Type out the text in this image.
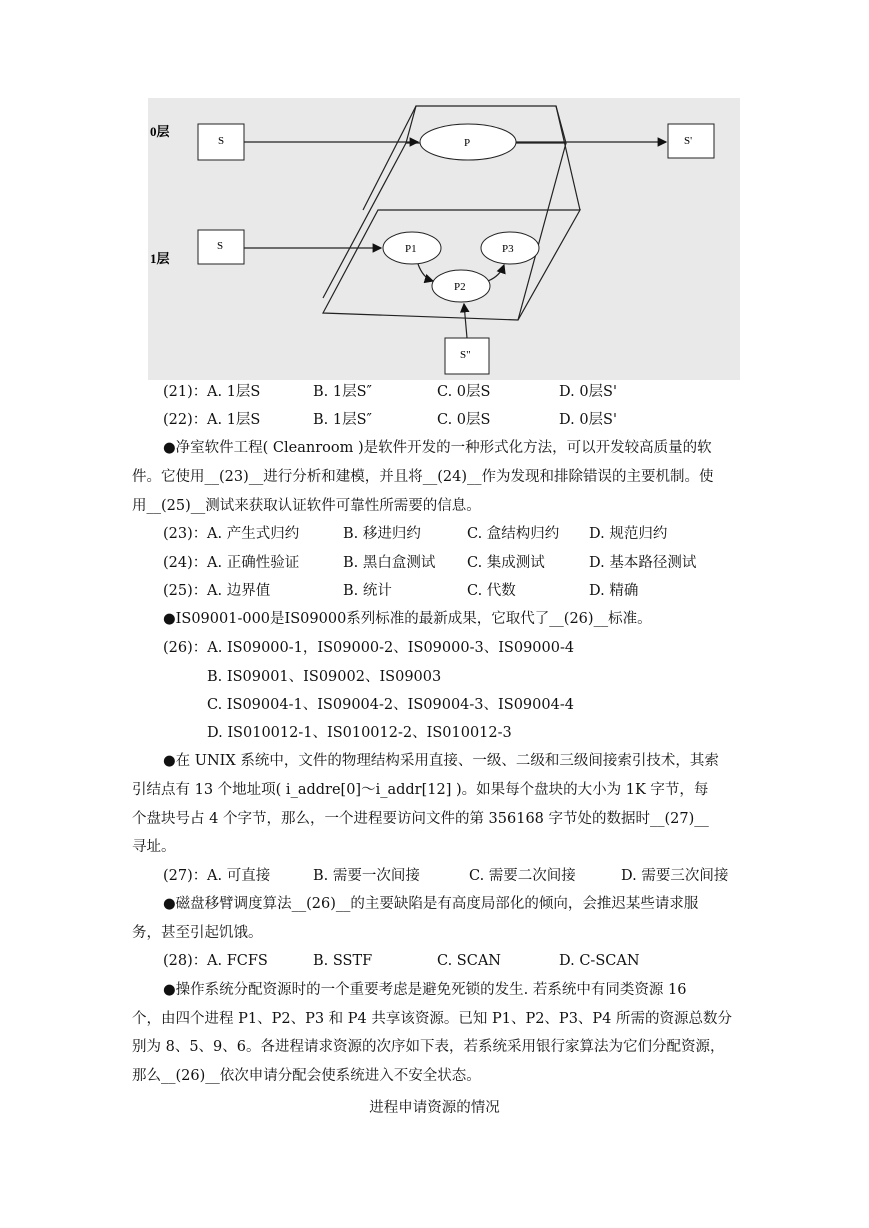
0层
1层
S	P	S'
S	P1	P3
P2
S"
(21)： A. 1层S	B. 1层S″	C. 0层S	D. 0层S'
(22)： A. 1层S	B. 1层S″	C. 0层S	D. 0层S'
●净室软件工程( Cleanroom )是软件开发的一种形式化方法，可以开发较高质量的软
件。它使用__(23)__进行分析和建模，并且将__(24)__作为发现和排除错误的主要机制。使
用__(25)__测试来获取认证软件可靠性所需要的信息。
(23)： A. 产生式归约	B. 移进归约	C. 盒结构归约 D. 规范归约
(24)： A. 正确性验证	B. 黑白盒测试 C. 集成测试	D. 基本路径测试
(25)： A. 边界值	B. 统计	C. 代数	D. 精确
●IS09001-000是IS09000系列标准的最新成果，它取代了__(26)__标准。
(26)：A. IS09000-1，IS09000-2、IS09000-3、IS09000-4
B. IS09001、IS09002、IS09003
C. IS09004-1、IS09004-2、IS09004-3、IS09004-4
D. IS010012-1、IS010012-2、IS010012-3
●在 UNIX 系统中，文件的物理结构采用直接、一级、二级和三级间接索引技术，其索
引结点有 13 个地址项( i_addre[0]～i_addr[12] )。如果每个盘块的大小为 1K 字节，每
个盘块号占 4 个字节，那么，一个进程要访问文件的第 356168 字节处的数据时__(27)__
寻址。
(27)： A. 可直接	B. 需要一次间接	C. 需要二次间接	D. 需要三次间接
●磁盘移臂调度算法__(26)__的主要缺陷是有高度局部化的倾向，会推迟某些请求服
务，甚至引起饥饿。
(28)： A. FCFS	B. SSTF	C. SCAN	D. C-SCAN
●操作系统分配资源时的一个重要考虑是避免死锁的发生. 若系统中有同类资源 16
个，由四个进程 P1、P2、P3 和 P4 共享该资源。已知 P1、P2、P3、P4 所需的资源总数分
别为 8、5、9、6。各进程请求资源的次序如下表，若系统采用银行家算法为它们分配资源，
那么__(26)__依次申请分配会使系统进入不安全状态。
进程申请资源的情况
